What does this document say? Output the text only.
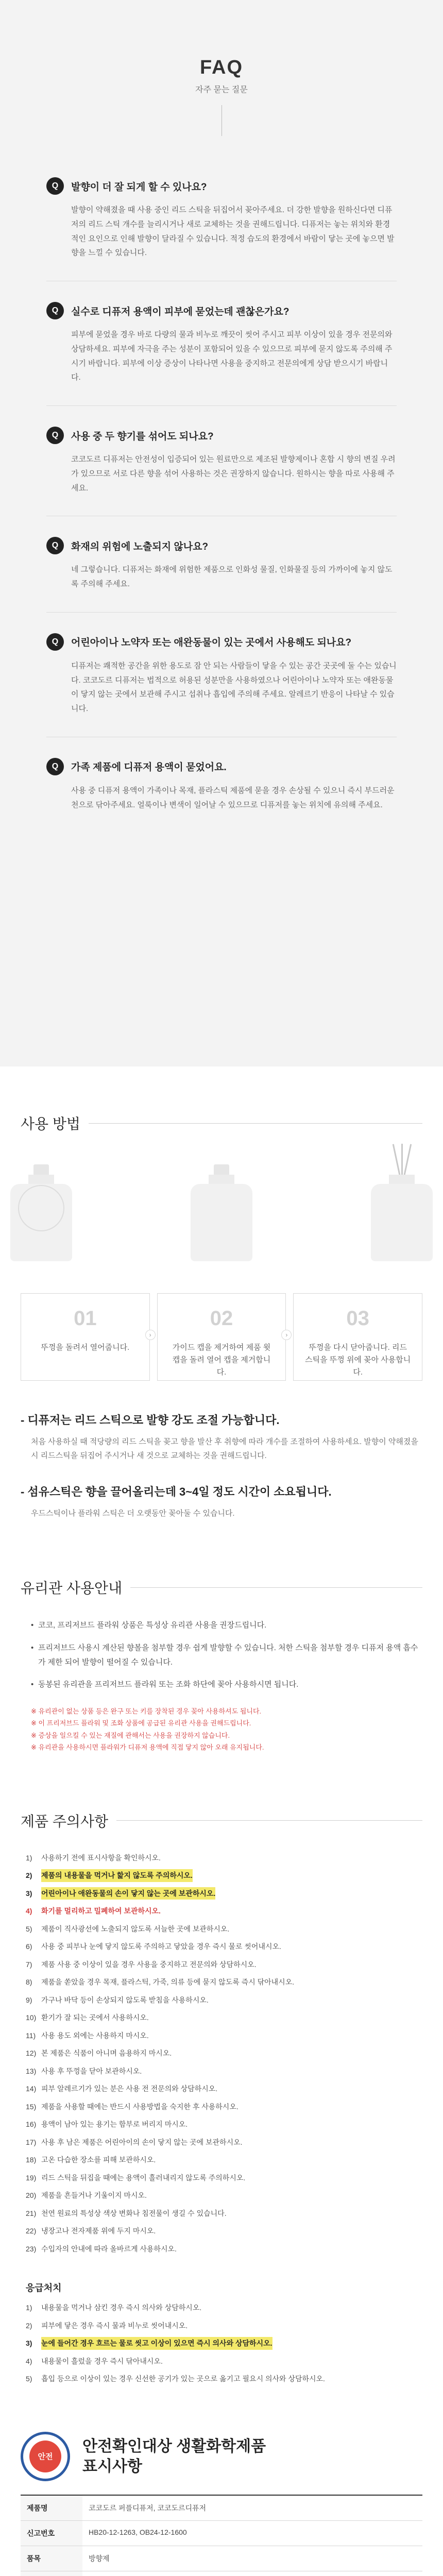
FAQ

자주 묻는 질문

Q	발향이 더 잘 되게 할 수 있나요?

발향이 약해졌을 때 사용 중인 리드 스틱을 뒤집어서 꽂아주세요. 더 강한 발향을 원하신다면 디퓨저의 리드 스틱 개수를 늘리시거나 새로 교체하는 것을 권해드립니다. 디퓨저는 놓는 위치와 환경적인 요인으로 인해 발향이 달라질 수 있습니다. 적정 습도의 환경에서 바람이 닿는 곳에 놓으면 발향을 느낄 수 있습니다.

Q	실수로 디퓨저 용액이 피부에 묻었는데 괜찮은가요?

피부에 묻었을 경우 바로 다량의 물과 비누로 깨끗이 씻어 주시고 피부 이상이 있을 경우 전문의와 상담하세요. 피부에 자극을 주는 성분이 포함되어 있을 수 있으므로 피부에 묻지 않도록 주의해 주시기 바랍니다. 피부에 이상 증상이 나타나면 사용을 중지하고 전문의에게 상담 받으시기 바랍니다.

Q	사용 중 두 향기를 섞어도 되나요?

코코도르 디퓨저는 안전성이 입증되어 있는 원료만으로 제조된 발향제이나 혼합 시 향의 변질 우려가 있으므로 서로 다른 향을 섞어 사용하는 것은 권장하지 않습니다. 원하시는 향을 따로 사용해 주세요.

Q	화재의 위험에 노출되지 않나요?

네 그렇습니다. 디퓨저는 화재에 위험한 제품으로 인화성 물질, 인화물질 등의 가까이에 놓지 않도록 주의해 주세요.

Q	어린아이나 노약자 또는 애완동물이 있는 곳에서 사용해도 되나요?

디퓨저는 쾌적한 공간을 위한 용도로 잠 안 되는 사람들이 닿을 수 있는 공간 곳곳에 둘 수는 있습니다. 코코도르 디퓨저는 법적으로 허용된 성분만을 사용하였으나 어린아이나 노약자 또는 애완동물이 닿지 않는 곳에서 보관해 주시고 섭취나 흡입에 주의해 주세요. 알레르기 반응이 나타날 수 있습니다.

Q	가족 제품에 디퓨저 용액이 묻었어요.

사용 중 디퓨저 용액이 가족이나 목재, 플라스틱 제품에 묻을 경우 손상될 수 있으니 즉시 부드러운 천으로 닦아주세요. 얼룩이나 변색이 일어날 수 있으므로 디퓨저를 놓는 위치에 유의해 주세요.

사용 방법
01
뚜껑을 돌려서 열어줍니다.
›
02
가이드 캡을 제거하여 제품 윗 캡을 돌려 열어 캡을 제거합니다.
›
03
뚜껑을 다시 닫아줍니다. 리드 스틱을 뚜껑 위에 꽂아 사용합니다.
- 디퓨저는 리드 스틱으로 발향 강도 조절 가능합니다.

처음 사용하실 때 적당량의 리드 스틱을 꽂고 향을 발산 후 취향에 따라 개수를 조절하여 사용하세요. 발향이 약해졌을 시 리드스틱을 뒤집어 주시거나 새 것으로 교체하는 것을 권해드립니다.

- 섬유스틱은 향을 끌어올리는데 3~4일 정도 시간이 소요됩니다.

우드스틱이나 플라워 스틱은 더 오랫동안 꽂아둘 수 있습니다.

유리관 사용안내
• 코코, 프리저브드 플라워 상품은 특성상 유리관 사용을 권장드립니다.
• 프리저브드 사용시 계산된 향볼을 첨부할 경우 쉽게 발향할 수 있습니다. 처한 스틱을 첨부할 경우 디퓨저 용액 흡수가 제한 되어 발향이 떨어질 수 있습니다.
• 동봉된 유리관을 프리저브드 플라워 또는 조화 하단에 꽂아 사용하시면 됩니다.

※ 유리관이 없는 상품 등은 완구 또는 키를 장착된 경우 꽂아 사용하셔도 됩니다.

※ 이 프리저브드 플라워 및 조화 상품에 공급된 유리관 사용을 권해드립니다.

※ 증상을 일으킬 수 있는 재질에 관해서는 사용을 권장하지 않습니다.

※ 유리관을 사용하시면 플라워가 디퓨저 용액에 직접 닿지 않아 오래 유지됩니다.

제품 주의사항
1)	사용하기 전에 표시사항을 확인하시오.
2)	제품의 내용물을 먹거나 핥지 않도록 주의하시오.
3)	어린아이나 애완동물의 손이 닿지 않는 곳에 보관하시오.
4)	화기를 멀리하고 밀폐하여 보관하시오.
5)	제품이 직사광선에 노출되지 않도록 서늘한 곳에 보관하시오.
6)	사용 중 피부나 눈에 닿지 않도록 주의하고 닿았을 경우 즉시 물로 씻어내시오.
7)	제품 사용 중 이상이 있을 경우 사용을 중지하고 전문의와 상담하시오.
8)	제품을 쏟았을 경우 목재, 플라스틱, 가죽, 의류 등에 묻지 않도록 즉시 닦아내시오.
9)	가구나 바닥 등이 손상되지 않도록 받침을 사용하시오.
10) 환기가 잘 되는 곳에서 사용하시오.
11) 사용 용도 외에는 사용하지 마시오.
12) 본 제품은 식품이 아니며 음용하지 마시오.
13) 사용 후 뚜껑을 닫아 보관하시오.
14) 피부 알레르기가 있는 분은 사용 전 전문의와 상담하시오.
15) 제품을 사용할 때에는 반드시 사용방법을 숙지한 후 사용하시오.
16) 용액이 남아 있는 용기는 함부로 버리지 마시오.
17) 사용 후 남은 제품은 어린아이의 손이 닿지 않는 곳에 보관하시오.
18) 고온 다습한 장소를 피해 보관하시오.
19) 리드 스틱을 뒤집을 때에는 용액이 흘러내리지 않도록 주의하시오.
20) 제품을 흔들거나 기울이지 마시오.
21) 천연 원료의 특성상 색상 변화나 침전물이 생길 수 있습니다.
22) 냉장고나 전자제품 위에 두지 마시오.
23) 수입자의 안내에 따라 올바르게 사용하시오.
응급처치
1)	내용물을 먹거나 삼킨 경우 즉시 의사와 상담하시오.
2)	피부에 닿은 경우 즉시 물과 비누로 씻어내시오.
3)	눈에 들어간 경우 흐르는 물로 씻고 이상이 있으면 즉시 의사와 상담하시오.
4)	내용물이 흘렀을 경우 즉시 닦아내시오.
5)	흡입 등으로 이상이 있는 경우 신선한 공기가 있는 곳으로 옮기고 필요시 의사와 상담하시오.
안전
안전확인대상 생활화학제품
표시사항
제품명	코코도르 퍼플디퓨저, 코코도르디퓨저
신고번호	HB20-12-1263, OB24-12-1600
품목	방향제
